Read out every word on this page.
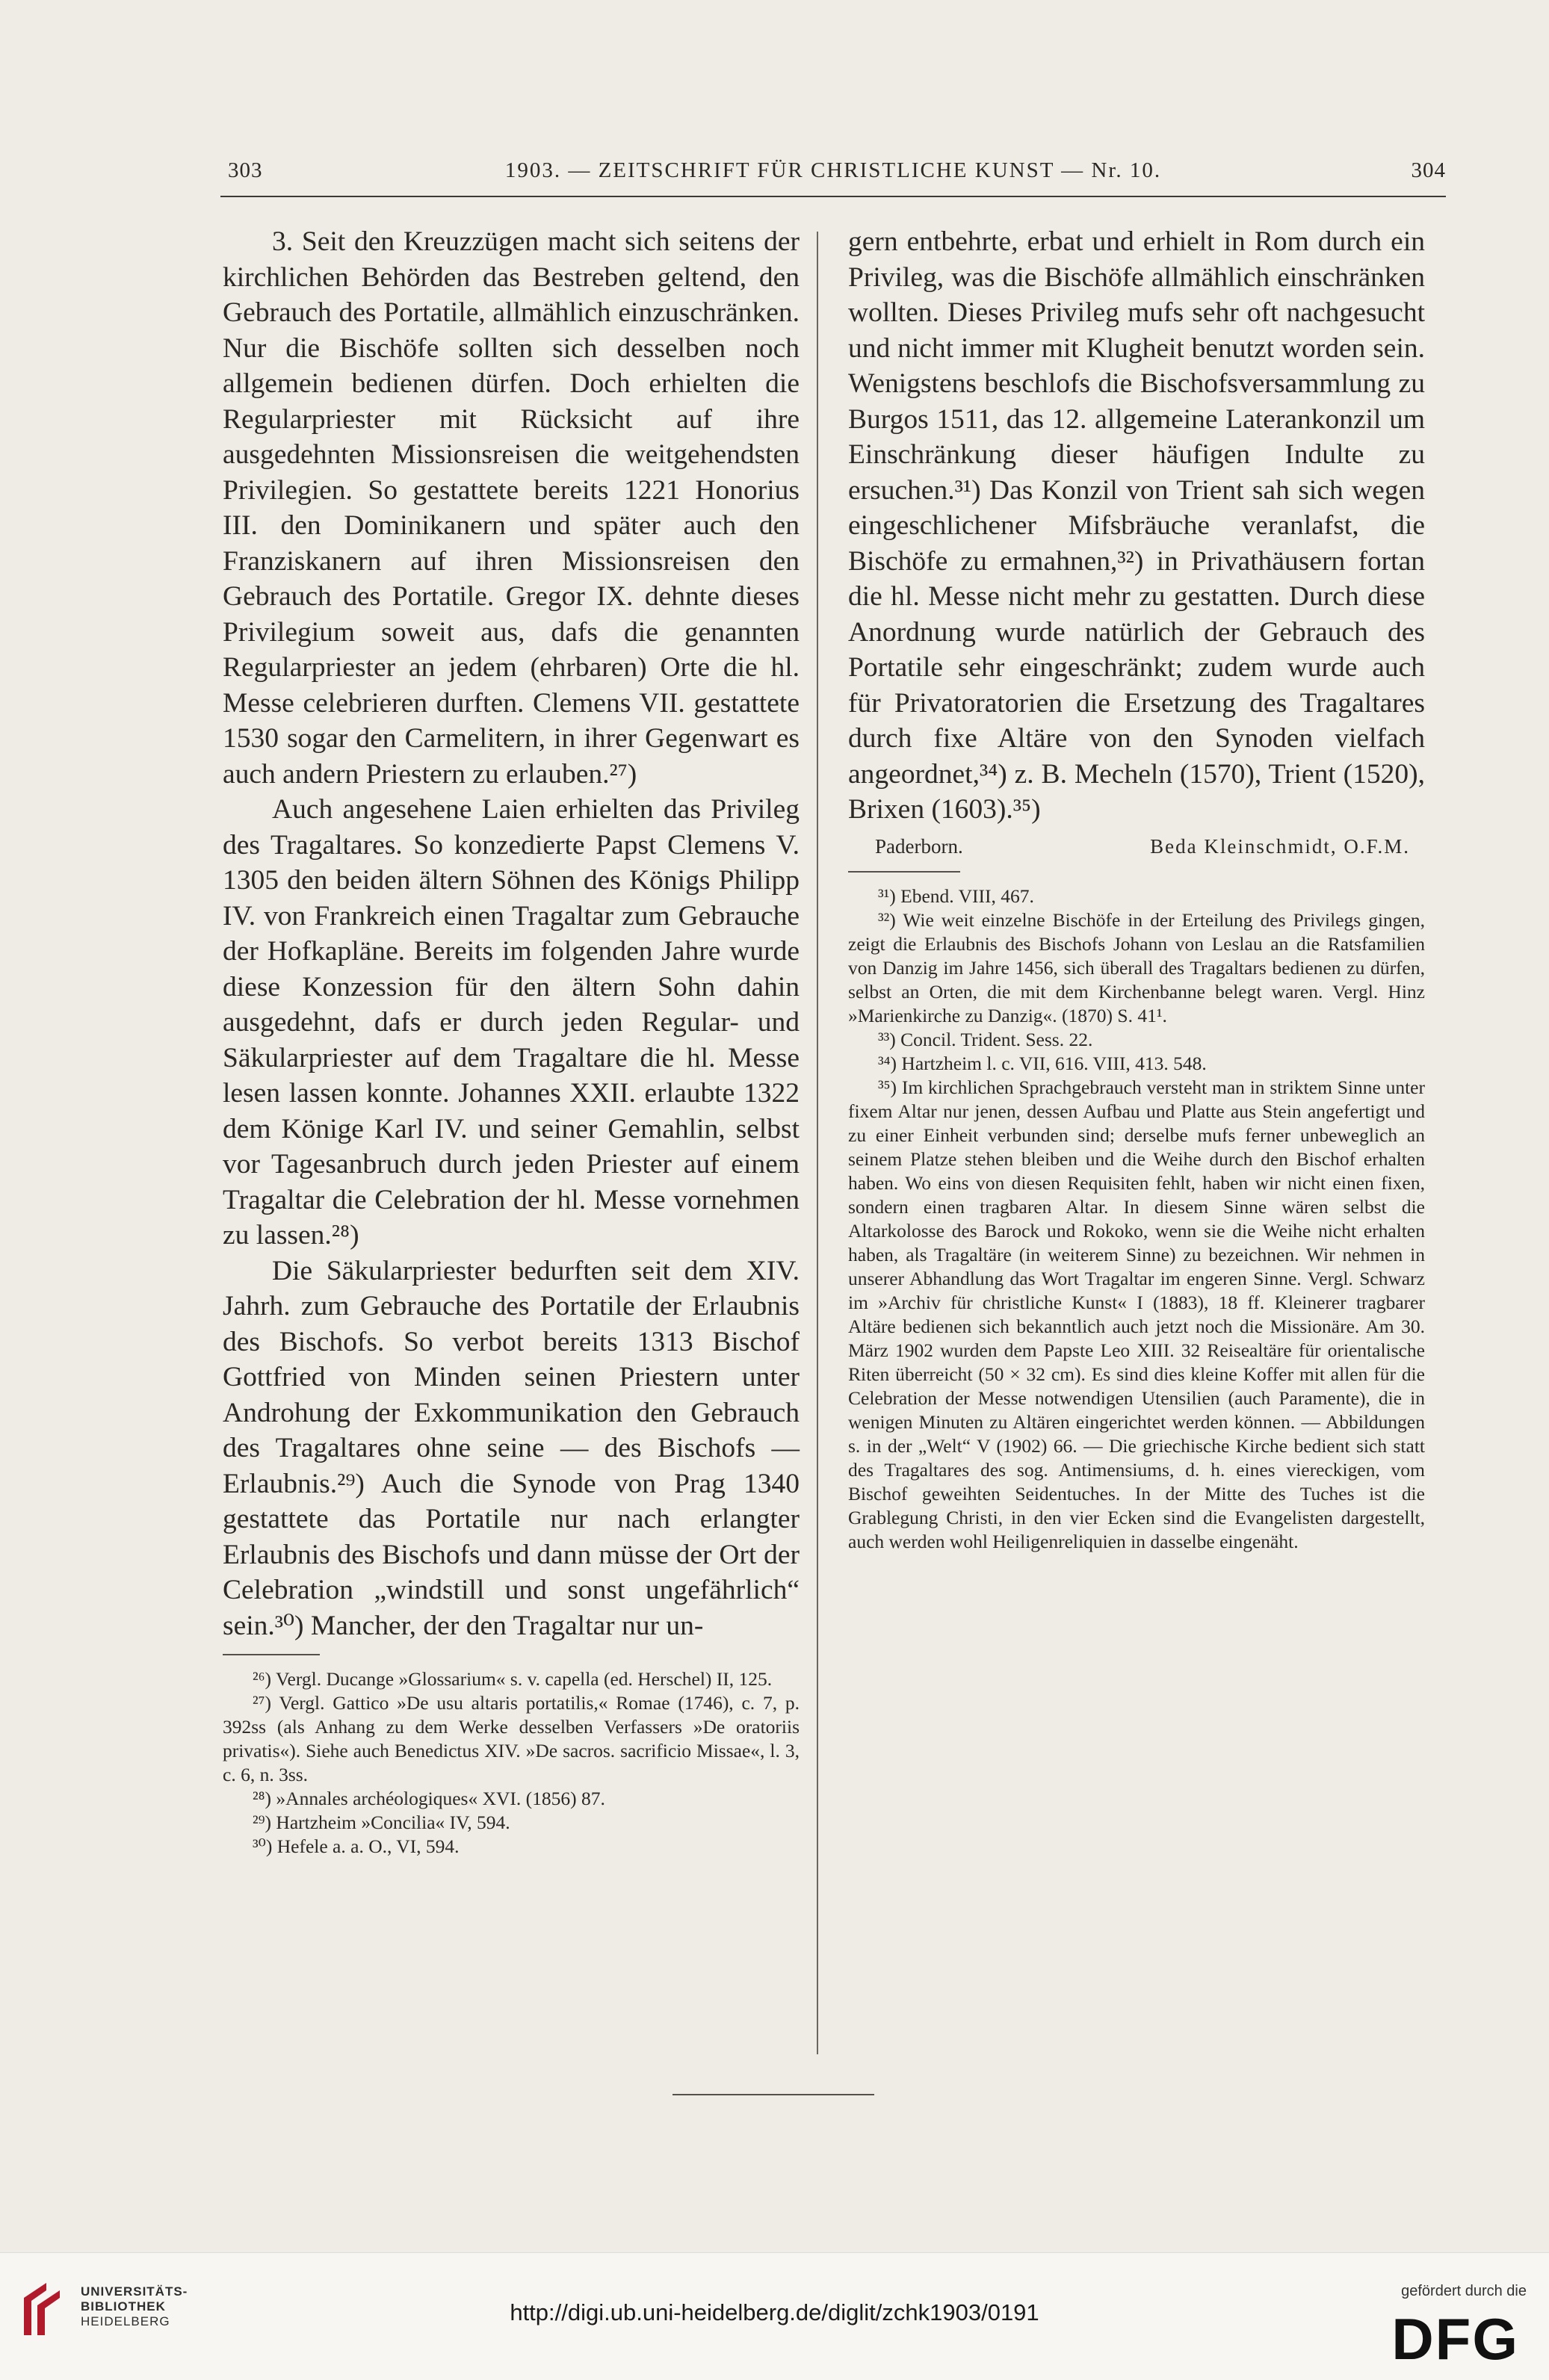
303	1903. — ZEITSCHRIFT FÜR CHRISTLICHE KUNST — Nr. 10.	304

3. Seit den Kreuzzügen macht sich seitens der kirchlichen Behörden das Bestreben geltend, den Gebrauch des Portatile, allmählich einzuschränken. Nur die Bischöfe sollten sich desselben noch allgemein bedienen dürfen. Doch erhielten die Regularpriester mit Rücksicht auf ihre ausgedehnten Missionsreisen die weitgehendsten Privilegien. So gestattete bereits 1221 Honorius III. den Dominikanern und später auch den Franziskanern auf ihren Missionsreisen den Gebrauch des Portatile. Gregor IX. dehnte dieses Privilegium soweit aus, dafs die genannten Regularpriester an jedem (ehrbaren) Orte die hl. Messe celebrieren durften. Clemens VII. gestattete 1530 sogar den Carmelitern, in ihrer Gegenwart es auch andern Priestern zu erlauben.²⁷)

Auch angesehene Laien erhielten das Privileg des Tragaltares. So konzedierte Papst Clemens V. 1305 den beiden ältern Söhnen des Königs Philipp IV. von Frankreich einen Tragaltar zum Gebrauche der Hofkapläne. Bereits im folgenden Jahre wurde diese Konzession für den ältern Sohn dahin ausgedehnt, dafs er durch jeden Regular- und Säkularpriester auf dem Tragaltare die hl. Messe lesen lassen konnte. Johannes XXII. erlaubte 1322 dem Könige Karl IV. und seiner Gemahlin, selbst vor Tagesanbruch durch jeden Priester auf einem Tragaltar die Celebration der hl. Messe vornehmen zu lassen.²⁸)

Die Säkularpriester bedurften seit dem XIV. Jahrh. zum Gebrauche des Portatile der Erlaubnis des Bischofs. So verbot bereits 1313 Bischof Gottfried von Minden seinen Priestern unter Androhung der Exkommunikation den Gebrauch des Tragaltares ohne seine — des Bischofs — Erlaubnis.²⁹) Auch die Synode von Prag 1340 gestattete das Portatile nur nach erlangter Erlaubnis des Bischofs und dann müsse der Ort der Celebration „windstill und sonst ungefährlich“ sein.³⁰) Mancher, der den Tragaltar nur un-

²⁶) Vergl. Ducange »Glossarium« s. v. capella (ed. Herschel) II, 125.

²⁷) Vergl. Gattico »De usu altaris portatilis,« Romae (1746), c. 7, p. 392ss (als Anhang zu dem Werke desselben Verfassers »De oratoriis privatis«). Siehe auch Benedictus XIV. »De sacros. sacrificio Missae«, l. 3, c. 6, n. 3ss.

²⁸) »Annales archéologiques« XVI. (1856) 87.

²⁹) Hartzheim »Concilia« IV, 594.

³⁰) Hefele a. a. O., VI, 594.

gern entbehrte, erbat und erhielt in Rom durch ein Privileg, was die Bischöfe allmählich einschränken wollten. Dieses Privileg mufs sehr oft nachgesucht und nicht immer mit Klugheit benutzt worden sein. Wenigstens beschlofs die Bischofsversammlung zu Burgos 1511, das 12. allgemeine Laterankonzil um Einschränkung dieser häufigen Indulte zu ersuchen.³¹) Das Konzil von Trient sah sich wegen eingeschlichener Mifsbräuche veranlafst, die Bischöfe zu ermahnen,³²) in Privathäusern fortan die hl. Messe nicht mehr zu gestatten. Durch diese Anordnung wurde natürlich der Gebrauch des Portatile sehr eingeschränkt; zudem wurde auch für Privatoratorien die Ersetzung des Tragaltares durch fixe Altäre von den Synoden vielfach angeordnet,³⁴) z. B. Mecheln (1570), Trient (1520), Brixen (1603).³⁵)

Paderborn.	Beda Kleinschmidt, O.F.M.

³¹) Ebend. VIII, 467.

³²) Wie weit einzelne Bischöfe in der Erteilung des Privilegs gingen, zeigt die Erlaubnis des Bischofs Johann von Leslau an die Ratsfamilien von Danzig im Jahre 1456, sich überall des Tragaltars bedienen zu dürfen, selbst an Orten, die mit dem Kirchenbanne belegt waren. Vergl. Hinz »Marienkirche zu Danzig«. (1870) S. 41¹.

³³) Concil. Trident. Sess. 22.

³⁴) Hartzheim l. c. VII, 616. VIII, 413. 548.

³⁵) Im kirchlichen Sprachgebrauch versteht man in striktem Sinne unter fixem Altar nur jenen, dessen Aufbau und Platte aus Stein angefertigt und zu einer Einheit verbunden sind; derselbe mufs ferner unbeweglich an seinem Platze stehen bleiben und die Weihe durch den Bischof erhalten haben. Wo eins von diesen Requisiten fehlt, haben wir nicht einen fixen, sondern einen tragbaren Altar. In diesem Sinne wären selbst die Altarkolosse des Barock und Rokoko, wenn sie die Weihe nicht erhalten haben, als Tragaltäre (in weiterem Sinne) zu bezeichnen. Wir nehmen in unserer Abhandlung das Wort Tragaltar im engeren Sinne. Vergl. Schwarz im »Archiv für christliche Kunst« I (1883), 18 ff. Kleinerer tragbarer Altäre bedienen sich bekanntlich auch jetzt noch die Missionäre. Am 30. März 1902 wurden dem Papste Leo XIII. 32 Reisealtäre für orientalische Riten überreicht (50 × 32 cm). Es sind dies kleine Koffer mit allen für die Celebration der Messe notwendigen Utensilien (auch Paramente), die in wenigen Minuten zu Altären eingerichtet werden können. — Abbildungen s. in der „Welt“ V (1902) 66. — Die griechische Kirche bedient sich statt des Tragaltares des sog. Antimensiums, d. h. eines viereckigen, vom Bischof geweihten Seidentuches. In der Mitte des Tuches ist die Grablegung Christi, in den vier Ecken sind die Evangelisten dargestellt, auch werden wohl Heiligenreliquien in dasselbe eingenäht.

UNIVERSITÄTS-
BIBLIOTHEK
HEIDELBERG	http://digi.ub.uni-heidelberg.de/diglit/zchk1903/0191
gefördert durch die
DFG
